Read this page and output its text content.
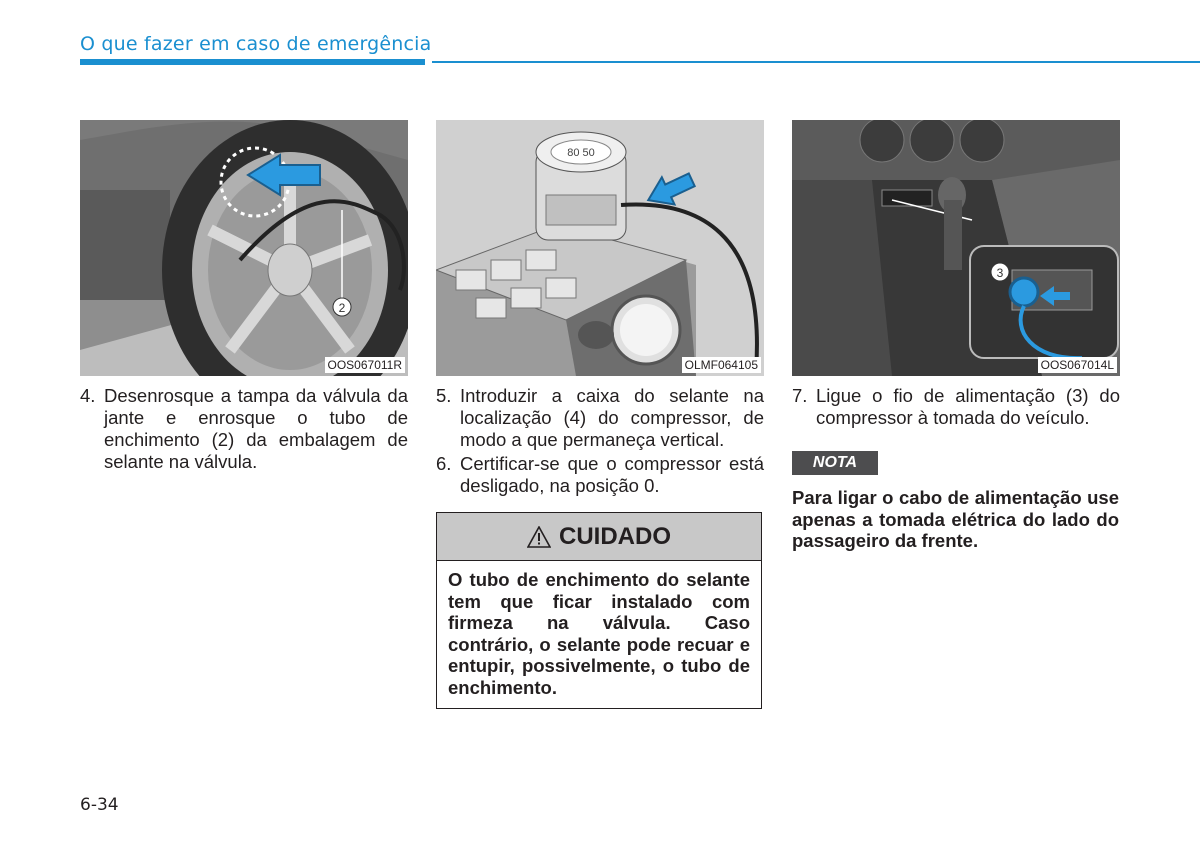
O que fazer em caso de emergência
2
OOS067011R
80 50
OLMF064105
3
OOS067014L
4. Desenrosque a tampa da válvula da jante e enrosque o tubo de enchimento (2) da embalagem de selante na válvula.
5. Introduzir a caixa do selante na localização (4) do compressor, de modo a que permaneça vertical.
6. Certificar-se que o compressor está desligado, na posição 0.
CUIDADO
O tubo de enchimento do selante tem que ficar instalado com firmeza na válvula. Caso contrário, o selante pode recuar e entupir, possivelmente, o tubo de enchimento.
7. Ligue o fio de alimentação (3) do compressor à tomada do veículo.
NOTA
Para ligar o cabo de alimentação use apenas a tomada elétrica do lado do passageiro da frente.
6-34
